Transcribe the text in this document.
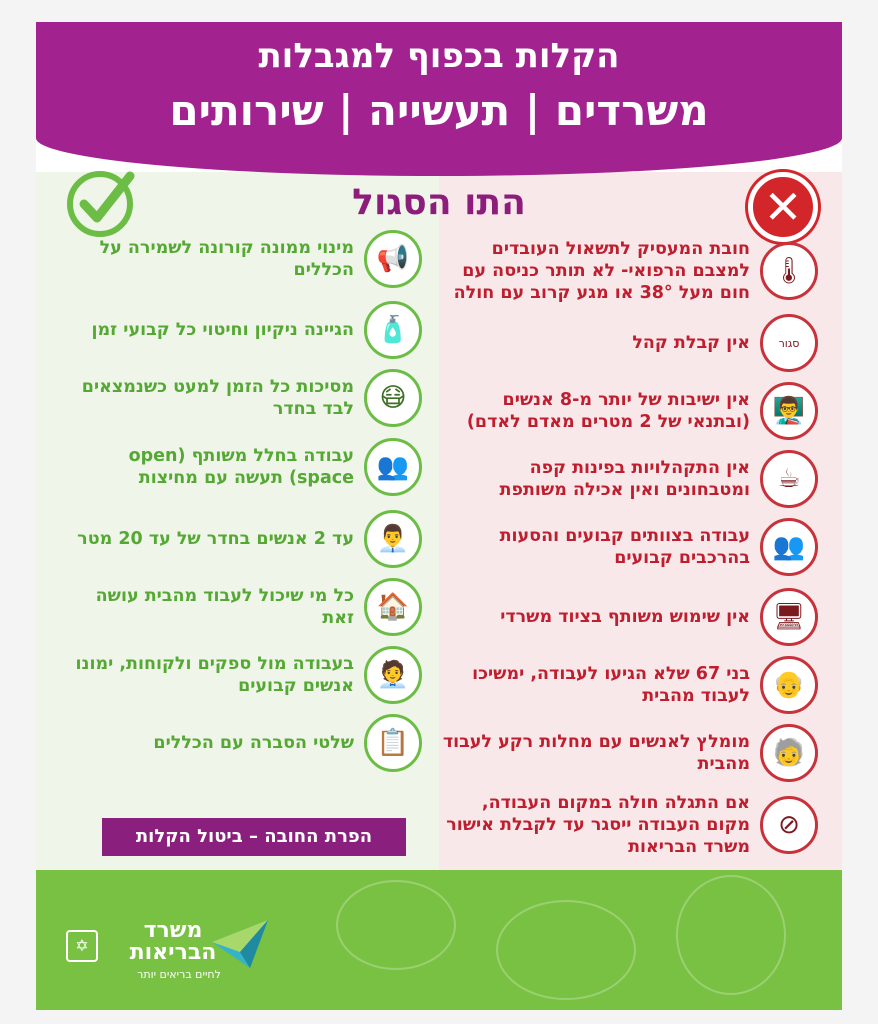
הקלות בכפוף למגבלות
משרדים | תעשייה | שירותים
התו הסגול	✕
📢
מינוי ממונה קורונה לשמירה על הכללים
🧴
הגיינה ניקיון וחיטוי כל קבועי זמן
😷
מסיכות כל הזמן למעט כשנמצאים לבד בחדר
👥
עבודה בחלל משותף (open space) תעשה עם מחיצות
👨‍💼
עד 2 אנשים בחדר של עד 20 מטר
🏠
כל מי שיכול לעבוד מהבית עושה זאת
🧑‍💼
בעבודה מול ספקים ולקוחות, ימונו אנשים קבועים
📋
שלטי הסברה עם הכללים
הפרת החובה – ביטול הקלות
🌡
חובת המעסיק לתשאול העובדים למצבם הרפואי- לא תותר כניסה עם חום מעל 38° או מגע קרוב עם חולה
סגור
אין קבלת קהל
👨‍🏫
אין ישיבות של יותר מ-8 אנשים (ובתנאי של 2 מטרים מאדם לאדם)
☕
אין התקהלויות בפינות קפה ומטבחונים ואין אכילה משותפת
👥
עבודה בצוותים קבועים והסעות בהרכבים קבועים
🖥
אין שימוש משותף בציוד משרדי
👴
בני 67 שלא הגיעו לעבודה, ימשיכו לעבוד מהבית
🧓
מומלץ לאנשים עם מחלות רקע לעבוד מהבית
⊘
אם התגלה חולה במקום העבודה, מקום העבודה ייסגר עד לקבלת אישור משרד הבריאות
✡
משרד
הבריאות
לחיים בריאים יותר
